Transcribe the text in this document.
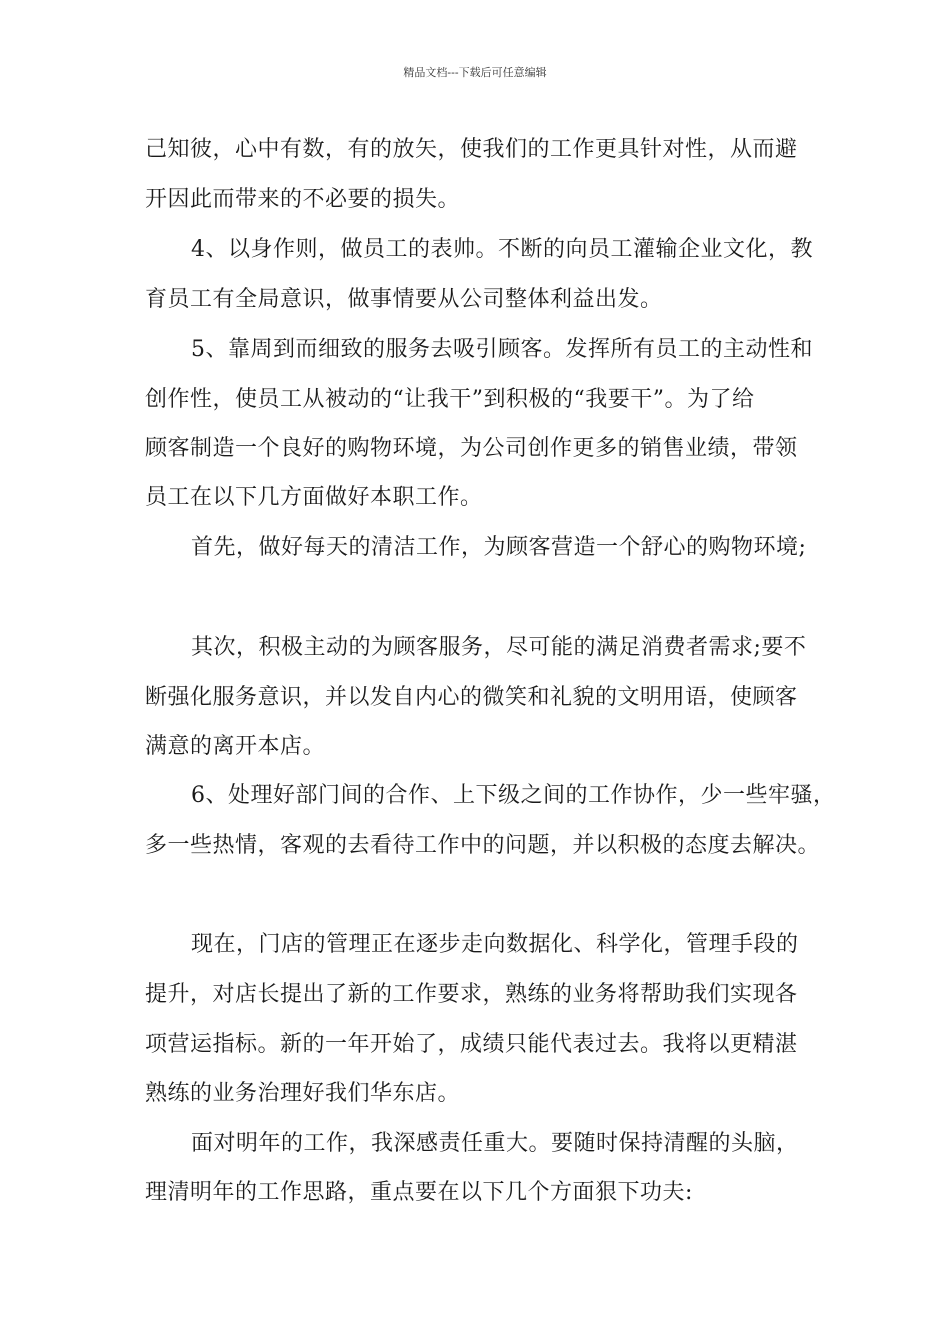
精品文档---下载后可任意编辑
己知彼，心中有数，有的放矢，使我们的工作更具针对性，从而避
开因此而带来的不必要的损失。
4、以身作则，做员工的表帅。不断的向员工灌输企业文化，教
育员工有全局意识，做事情要从公司整体利益出发。
5、靠周到而细致的服务去吸引顾客。发挥所有员工的主动性和
创作性，使员工从被动的“让我干”到积极的“我要干”。为了给
顾客制造一个良好的购物环境，为公司创作更多的销售业绩，带领
员工在以下几方面做好本职工作。
首先，做好每天的清洁工作，为顾客营造一个舒心的购物环境;
其次，积极主动的为顾客服务，尽可能的满足消费者需求;要不
断强化服务意识，并以发自内心的微笑和礼貌的文明用语，使顾客
满意的离开本店。
6、处理好部门间的合作、上下级之间的工作协作，少一些牢骚，
多一些热情，客观的去看待工作中的问题，并以积极的态度去解决。
现在，门店的管理正在逐步走向数据化、科学化，管理手段的
提升，对店长提出了新的工作要求，熟练的业务将帮助我们实现各
项营运指标。新的一年开始了，成绩只能代表过去。我将以更精湛
熟练的业务治理好我们华东店。
面对明年的工作，我深感责任重大。要随时保持清醒的头脑，
理清明年的工作思路，重点要在以下几个方面狠下功夫:
